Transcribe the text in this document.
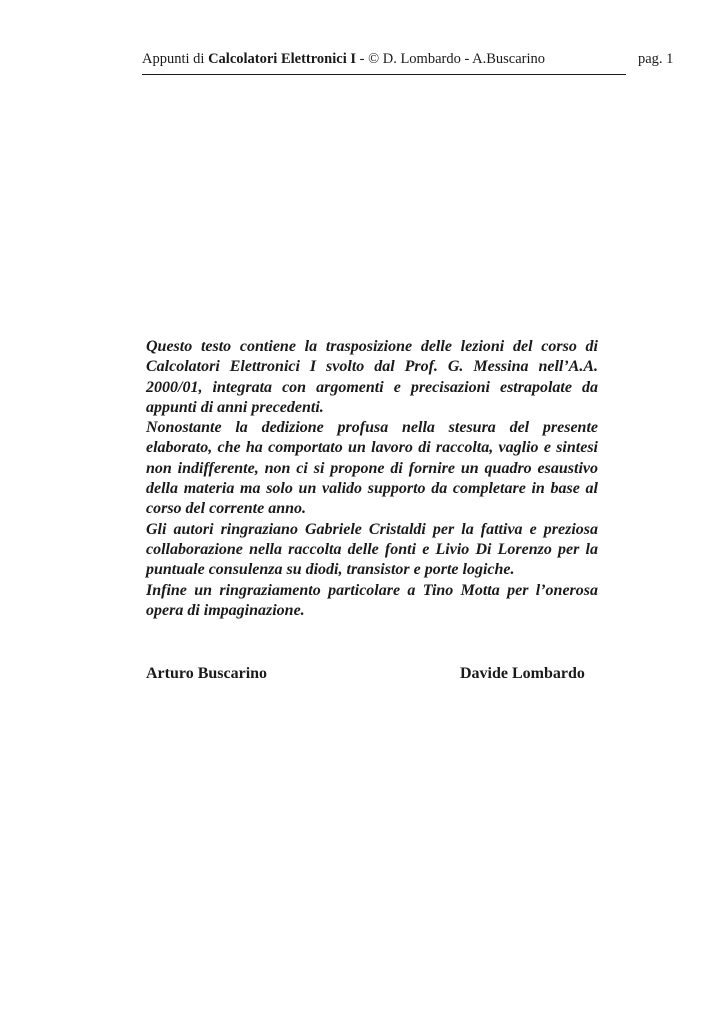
Appunti di Calcolatori Elettronici I - © D. Lombardo - A.Buscarino	pag. 1

Questo testo contiene la trasposizione delle lezioni del corso di Calcolatori Elettronici I svolto dal Prof. G. Messina nell’A.A. 2000/01, integrata con argomenti e precisazioni estrapolate da appunti di anni precedenti.

Nonostante la dedizione profusa nella stesura del presente elaborato, che ha comportato un lavoro di raccolta, vaglio e sintesi non indifferente, non ci si propone di fornire un quadro esaustivo della materia ma solo un valido supporto da completare in base al corso del corrente anno.

Gli autori ringraziano Gabriele Cristaldi per la fattiva e preziosa collaborazione nella raccolta delle fonti e Livio Di Lorenzo per la puntuale consulenza su diodi, transistor e porte logiche.

Infine un ringraziamento particolare a Tino Motta per l’onerosa opera di impaginazione.

Arturo Buscarino	Davide Lombardo
